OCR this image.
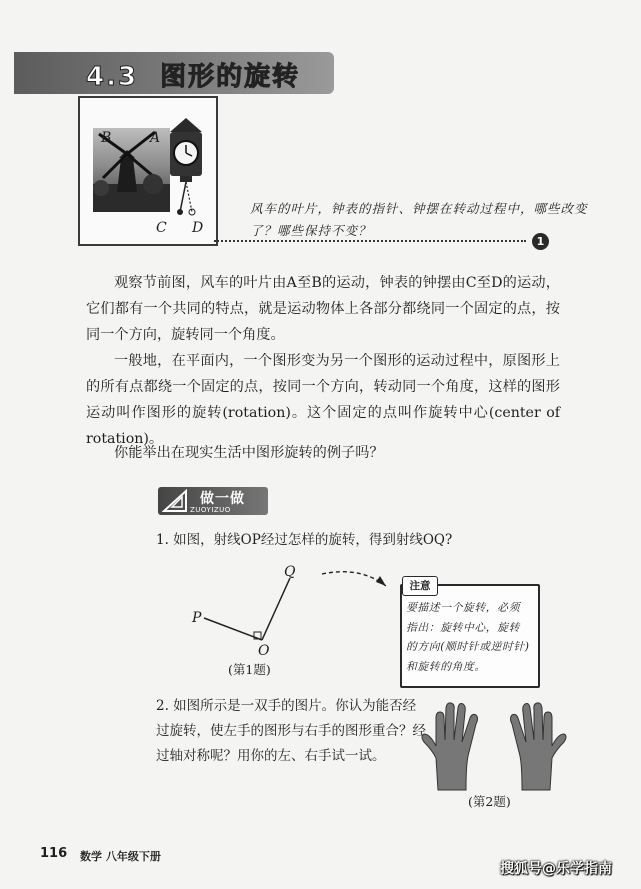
4.3 图形的旋转
B	A
C D
风车的叶片，钟表的指针、钟摆在转动过程中，哪些改变了？哪些保持不变？
1
观察节前图，风车的叶片由A至B的运动，钟表的钟摆由C至D的运动，它们都有一个共同的特点，就是运动物体上各部分都绕同一个固定的点，按同一个方向，旋转同一个角度。
一般地，在平面内，一个图形变为另一个图形的运动过程中，原图形上的所有点都绕一个固定的点，按同一个方向，转动同一个角度，这样的图形运动叫作图形的旋转(rotation)。这个固定的点叫作旋转中心(center of rotation)。
你能举出在现实生活中图形旋转的例子吗？
做一做
ZUOYIZUO
1. 如图，射线OP经过怎样的旋转，得到射线OQ?
P
Q
O
(第1题)
注意
要描述一个旋转，必须指出：旋转中心，旋转的方向(顺时针或逆时针)和旋转的角度。
2. 如图所示是一双手的图片。你认为能否经过旋转，使左手的图形与右手的图形重合？经过轴对称呢？用你的左、右手试一试。
(第2题)
116 数学 八年级下册
搜狐号@乐学指南
